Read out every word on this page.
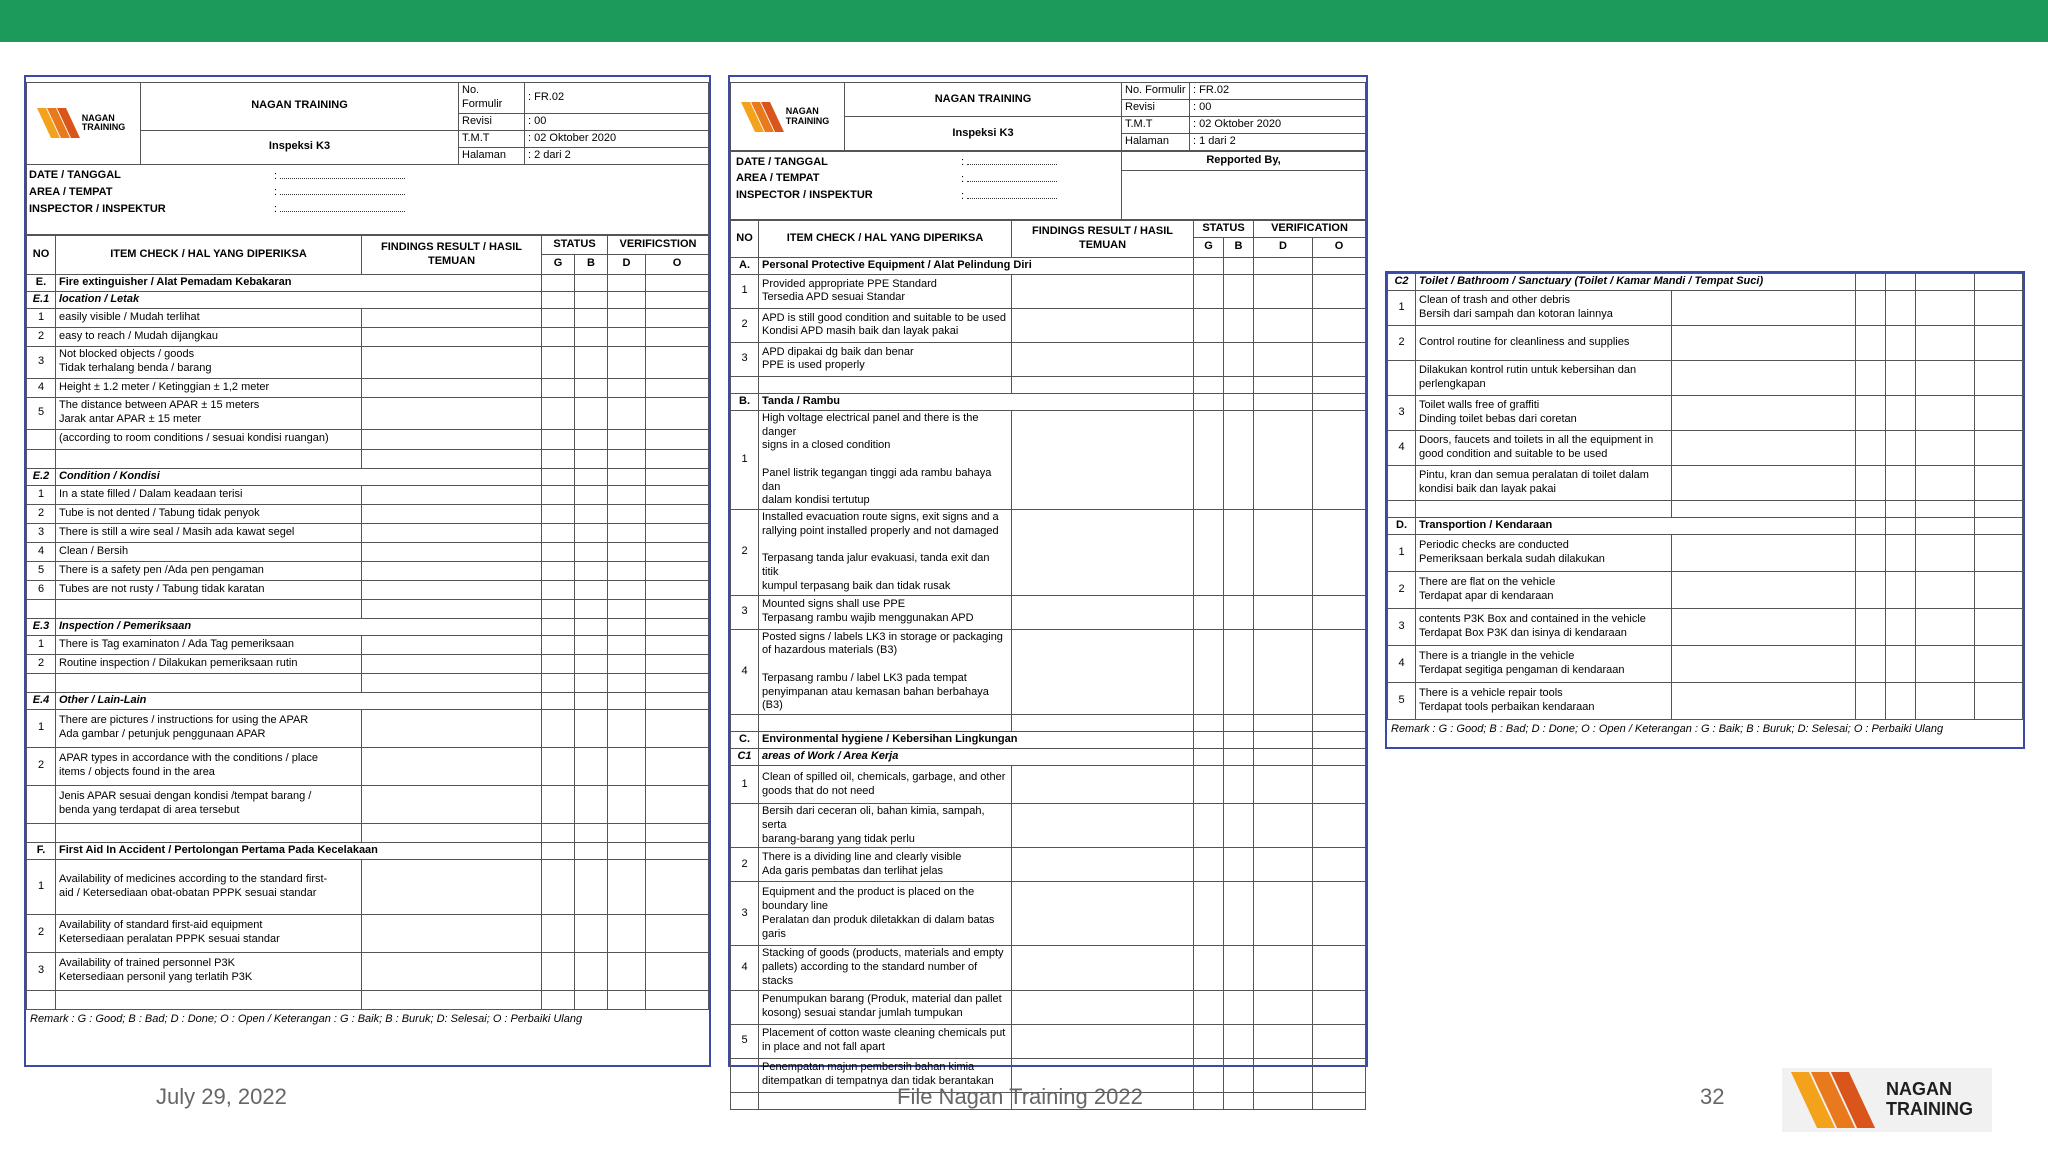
NAGAN
TRAINING	NAGAN TRAINING	No. Formulir	: FR.02
		Revisi	: 00
	Inspeksi K3	T.M.T	: 02 Oktober 2020
		Halaman	: 2 dari 2
DATE / TANGGAL	:
AREA / TEMPAT	:
INSPECTOR / INSPEKTUR	:
NO	ITEM CHECK / HAL YANG DIPERIKSA	FINDINGS RESULT / HASIL TEMUAN	STATUS		VERIFICSTION	
			G	B	D	O
E.	Fire extinguisher / Alat Pemadam Kebakaran					
E.1	location / Letak					
1	easily visible / Mudah terlihat					
2	easy to reach / Mudah dijangkau					
3	Not blocked objects / goods
Tidak terhalang benda / barang					
4	Height ± 1.2 meter / Ketinggian ± 1,2 meter					
5	The distance between APAR ± 15 meters
Jarak antar APAR ± 15 meter					
	(according to room conditions / sesuai kondisi ruangan)					

E.2	Condition / Kondisi					
1	In a state filled / Dalam keadaan terisi					
2	Tube is not dented / Tabung tidak penyok					
3	There is still a wire seal / Masih ada kawat segel					
4	Clean / Bersih					
5	There is a safety pen /Ada pen pengaman					
6	Tubes are not rusty / Tabung tidak karatan					

E.3	Inspection / Pemeriksaan					
1	There is Tag examinaton / Ada Tag pemeriksaan					
2	Routine inspection / Dilakukan pemeriksaan rutin					

E.4	Other / Lain-Lain					
1	There are pictures / instructions for using the APAR
Ada gambar / petunjuk penggunaan APAR					
2	APAR types in accordance with the conditions / place
items / objects found in the area					
	Jenis APAR sesuai dengan kondisi /tempat barang /
benda yang terdapat di area tersebut					

F.	First Aid In Accident / Pertolongan Pertama Pada Kecelakaan					
1	Availability of medicines according to the standard first-
aid / Ketersediaan obat-obatan PPPK sesuai standar					
2	Availability of standard first-aid equipment
Ketersediaan peralatan PPPK sesuai standar					
3	Availability of trained personnel P3K
Ketersediaan personil yang terlatih P3K					

Remark : G : Good; B : Bad; D : Done; O : Open / Keterangan : G : Baik; B : Buruk; D: Selesai; O : Perbaiki Ulang
NAGAN
TRAINING	NAGAN TRAINING	No. Formulir	: FR.02
		Revisi	: 00
	Inspeksi K3	T.M.T	: 02 Oktober 2020
		Halaman	: 1 dari 2
DATE / TANGGAL	:
AREA / TEMPAT	:
INSPECTOR / INSPEKTUR	:

Repported By,
NO	ITEM CHECK / HAL YANG DIPERIKSA	FINDINGS RESULT / HASIL TEMUAN	STATUS		VERIFICATION	
			G	B	D	O
A.	Personal Protective Equipment / Alat Pelindung Diri					
1	Provided appropriate PPE Standard
Tersedia APD sesuai Standar					
2	APD is still good condition and suitable to be used
Kondisi APD masih baik dan layak pakai					
3	APD dipakai dg baik dan benar
PPE is used properly					

B.	Tanda / Rambu					
1	High voltage electrical panel and there is the danger
signs in a closed condition

Panel listrik tegangan tinggi ada rambu bahaya dan
dalam kondisi tertutup					
2	Installed evacuation route signs, exit signs and a
rallying point installed properly and not damaged

Terpasang tanda jalur evakuasi, tanda exit dan titik
kumpul terpasang baik dan tidak rusak					
3	Mounted signs shall use PPE
Terpasang rambu wajib menggunakan APD					
4	Posted signs / labels LK3 in storage or packaging
of hazardous materials (B3)

Terpasang rambu / label LK3 pada tempat
penyimpanan atau kemasan bahan berbahaya (B3)					

C.	Environmental hygiene / Kebersihan Lingkungan					
C1	areas of Work / Area Kerja					
1	Clean of spilled oil, chemicals, garbage, and other
goods that do not need					
	Bersih dari ceceran oli, bahan kimia, sampah, serta
barang-barang yang tidak perlu					
2	There is a dividing line and clearly visible
Ada garis pembatas dan terlihat jelas					
3	Equipment and the product is placed on the
boundary line
Peralatan dan produk diletakkan di dalam batas
garis					
4	Stacking of goods (products, materials and empty
pallets) according to the standard number of stacks					
	Penumpukan barang (Produk, material dan pallet
kosong) sesuai standar jumlah tumpukan					
5	Placement of cotton waste cleaning chemicals put
in place and not fall apart					
	Penempatan majun pembersih bahan kimia
ditempatkan di tempatnya dan tidak berantakan					

C2	Toilet / Bathroom / Sanctuary (Toilet / Kamar Mandi / Tempat Suci)					
1	Clean of trash and other debris
Bersih dari sampah dan kotoran lainnya					
2	Control routine for cleanliness and supplies					
	Dilakukan kontrol rutin untuk kebersihan dan
perlengkapan					
3	Toilet walls free of graffiti
Dinding toilet bebas dari coretan					
4	Doors, faucets and toilets in all the equipment in
good condition and suitable to be used					
	Pintu, kran dan semua peralatan di toilet dalam
kondisi baik dan layak pakai					

D.	Transportion / Kendaraan					
1	Periodic checks are conducted
Pemeriksaan berkala sudah dilakukan					
2	There are flat on the vehicle
Terdapat apar di kendaraan					
3	contents P3K Box and contained in the vehicle
Terdapat Box P3K dan isinya di kendaraan					
4	There is a triangle in the vehicle
Terdapat segitiga pengaman di kendaraan					
5	There is a vehicle repair tools
Terdapat tools perbaikan kendaraan					
Remark : G : Good; B : Bad; D : Done; O : Open / Keterangan : G : Baik; B : Buruk; D: Selesai; O : Perbaiki Ulang
July 29, 2022	File Nagan Training 2022	32	NAGAN
TRAINING
